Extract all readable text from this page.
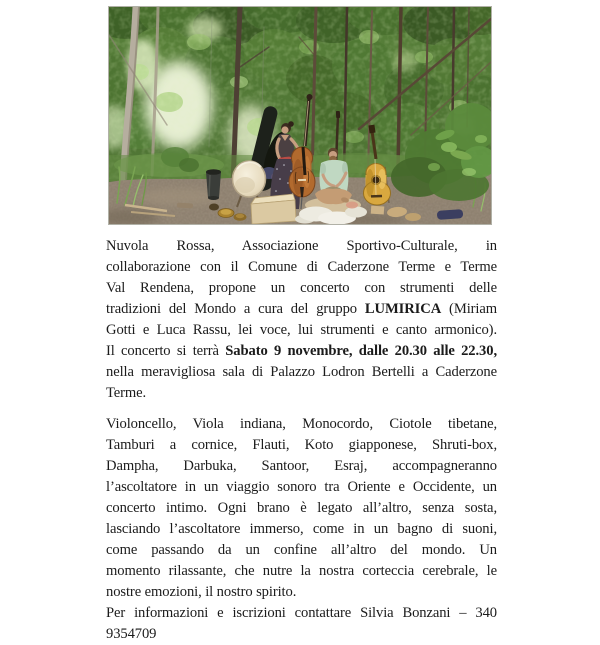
Nuvola Rossa, Associazione Sportivo-Culturale, in
collaborazione con il Comune di Caderzone Terme e Terme
Val Rendena, propone un concerto con strumenti delle
tradizioni del Mondo a cura del gruppo LUMIRICA (Miriam
Gotti e Luca Rassu, lei voce, lui strumenti e canto armonico).
Il concerto si terrà Sabato 9 novembre, dalle 20.30 alle 22.30,
nella meravigliosa sala di Palazzo Lodron Bertelli a Caderzone
Terme.
Violoncello, Viola indiana, Monocordo, Ciotole tibetane,
Tamburi a cornice, Flauti, Koto giapponese, Shruti-box,
Dampha, Darbuka, Santoor, Esraj, accompagneranno
l’ascoltatore in un viaggio sonoro tra Oriente e Occidente, un
concerto intimo. Ogni brano è legato all’altro, senza sosta,
lasciando l’ascoltatore immerso, come in un bagno di suoni,
come passando da un confine all’altro del mondo. Un
momento rilassante, che nutre la nostra corteccia cerebrale, le
nostre emozioni, il nostro spirito.
Per informazioni e iscrizioni contattare Silvia Bonzani – 340
9354709
